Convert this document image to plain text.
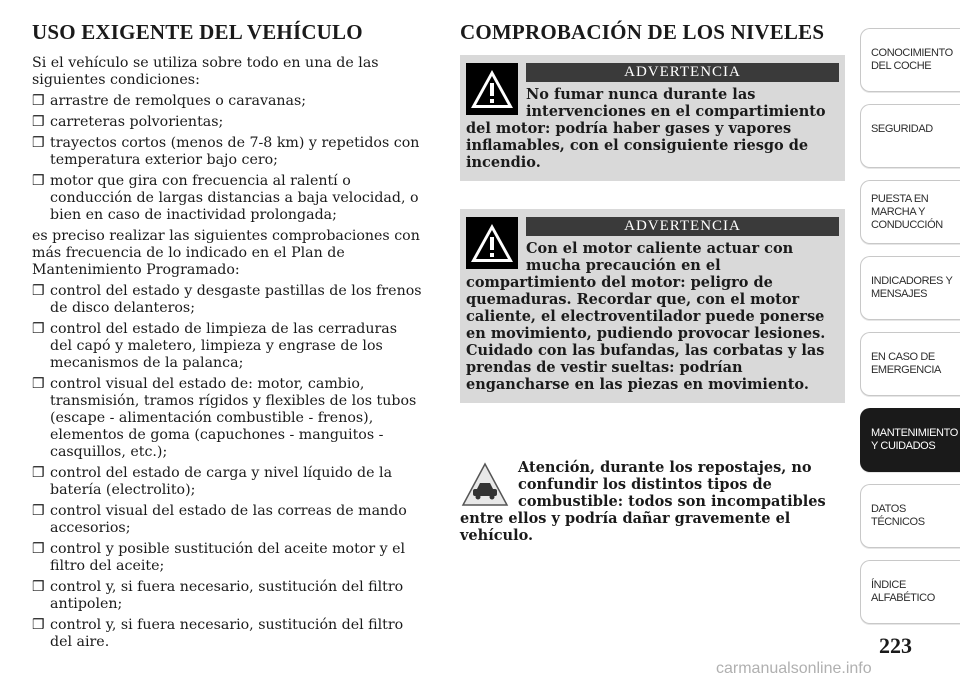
USO EXIGENTE DEL VEHÍCULO

Si el vehículo se utiliza sobre todo en una de las siguientes condiciones:

❒ arrastre de remolques o caravanas;
❒ carreteras polvorientas;
❒ trayectos cortos (menos de 7-8 km) y repetidos con temperatura exterior bajo cero;
❒ motor que gira con frecuencia al ralentí o conducción de largas distancias a baja velocidad, o bien en caso de inactividad prolongada;

es preciso realizar las siguientes comprobaciones con más frecuencia de lo indicado en el Plan de Mantenimiento Programado:

❒ control del estado y desgaste pastillas de los frenos de disco delanteros;
❒ control del estado de limpieza de las cerraduras del capó y maletero, limpieza y engrase de los mecanismos de la palanca;
❒ control visual del estado de: motor, cambio, transmisión, tramos rígidos y flexibles de los tubos (escape - alimentación combustible - frenos), elementos de goma (capuchones - manguitos - casquillos, etc.);
❒ control del estado de carga y nivel líquido de la batería (electrolito);
❒ control visual del estado de las correas de mando accesorios;
❒ control y posible sustitución del aceite motor y el filtro del aceite;
❒ control y, si fuera necesario, sustitución del filtro antipolen;
❒ control y, si fuera necesario, sustitución del filtro del aire.
COMPROBACIÓN DE LOS NIVELES
ADVERTENCIA
No fumar nunca durante las intervenciones en el compartimiento
del motor: podría haber gases y vapores inflamables, con el consiguiente riesgo de incendio.
ADVERTENCIA
Con el motor caliente actuar con mucha precaución en el
compartimiento del motor: peligro de quemaduras. Recordar que, con el motor caliente, el electroventilador puede ponerse en movimiento, pudiendo provocar lesiones. Cuidado con las bufandas, las corbatas y las prendas de vestir sueltas: podrían engancharse en las piezas en movimiento.
Atención, durante los repostajes, no confundir los distintos tipos de combustible: todos son incompatibles
entre ellos y podría dañar gravemente el vehículo.
CONOCIMIENTO
DEL COCHE
SEGURIDAD
PUESTA EN
MARCHA Y
CONDUCCIÓN
INDICADORES Y
MENSAJES
EN CASO DE
EMERGENCIA
MANTENIMIENTO
Y CUIDADOS
DATOS TÉCNICOS
ÍNDICE
ALFABÉTICO
223
carmanualsonline.info
